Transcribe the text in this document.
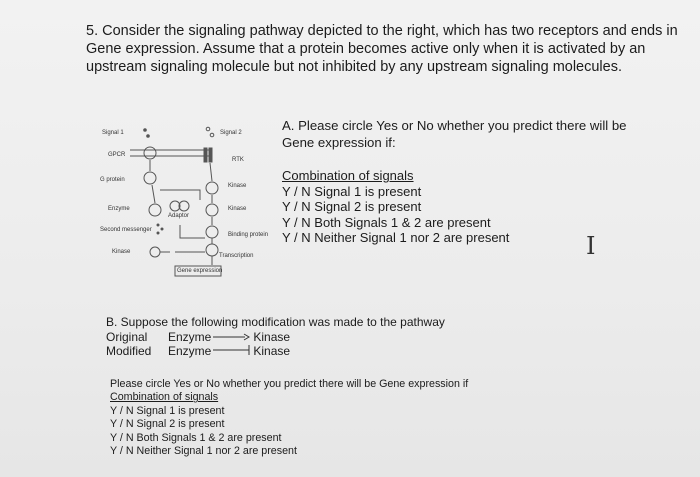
5. Consider the signaling pathway depicted to the right, which has two receptors and ends in
Gene expression. Assume that a protein becomes active only when it is activated by an
upstream signaling molecule but not inhibited by any upstream signaling molecules.
Signal 1	Signal 2
GPCR
RTK
G protein
Kinase
Enzyme
Adaptor
Kinase
Second messenger
Binding protein
Kinase
Transcription
Gene expression
A. Please circle Yes or No whether you predict there will be
Gene expression if:
Combination of signals
Y / N Signal 1 is present
Y / N Signal 2 is present
Y / N Both Signals 1 & 2 are present
Y / N Neither Signal 1 nor 2 are present	I
B. Suppose the following modification was made to the pathway
Original	Enzyme		Kinase
Modified	Enzyme		Kinase
Please circle Yes or No whether you predict there will be Gene expression if
Combination of signals
Y / N Signal 1 is present
Y / N Signal 2 is present
Y / N Both Signals 1 & 2 are present
Y / N Neither Signal 1 nor 2 are present
